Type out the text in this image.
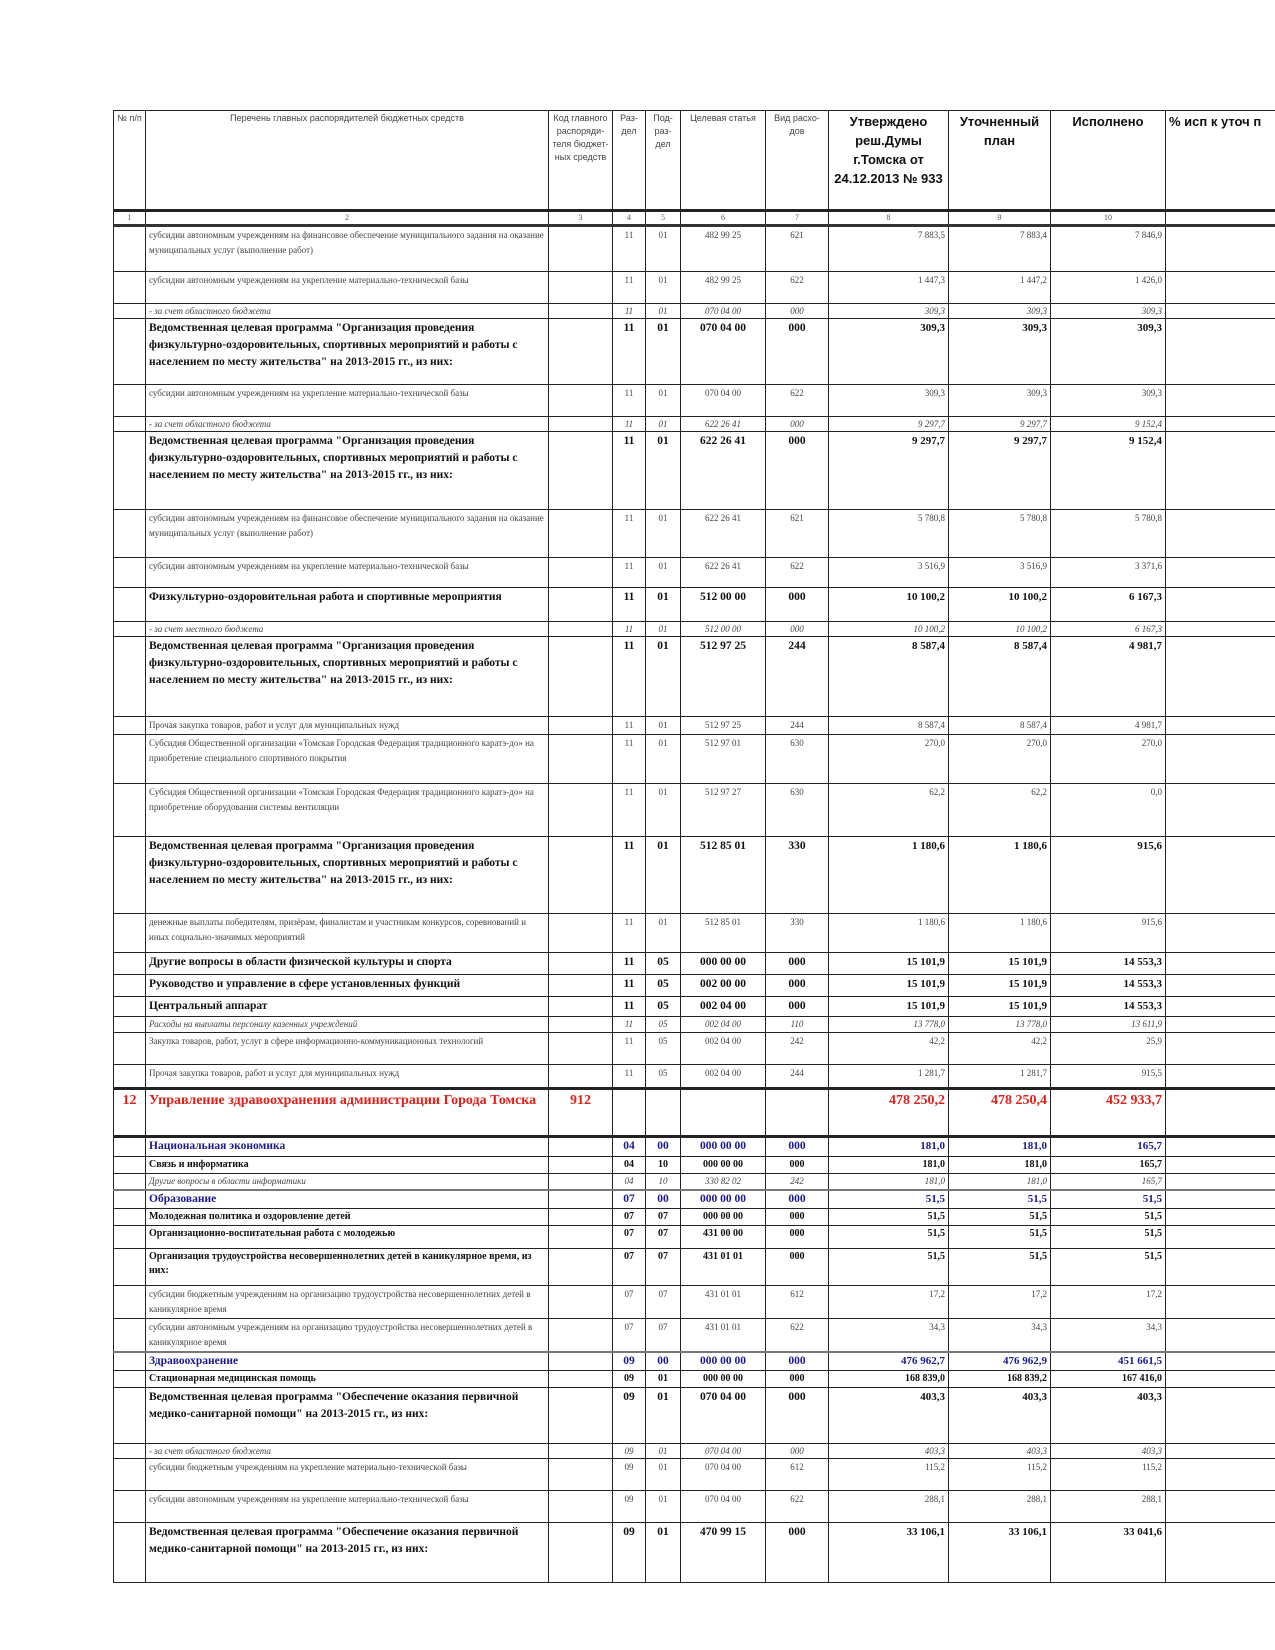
№ п/п	Перечень главных распорядителей бюджетных средств	Код главного распоряди-теля бюджет-ных средств	Раз-дел	Под-раз-дел	Целевая статья	Вид расхо-дов	Утверждено реш.Думы г.Томска от 24.12.2013 № 933	Уточненный план	Исполнено	% исп к уточ п
1	2	3	4	5	6	7	8	9	10	
	субсидии автономным учреждениям на финансовое обеспечение муниципального задания на оказание муниципальных услуг (выполнение работ)		11	01	482 99 25	621	7 883,5	7 883,4	7 846,9	
	субсидии автономным учреждениям на укрепление материально-технической базы		11	01	482 99 25	622	1 447,3	1 447,2	1 426,0	
	- за счет областного бюджета		11	01	070 04 00	000	309,3	309,3	309,3	
	Ведомственная целевая программа "Организация проведения физкультурно-оздоровительных, спортивных мероприятий и работы с населением по месту жительства" на 2013-2015 гг., из них:		11	01	070 04 00	000	309,3	309,3	309,3	
	субсидии автономным учреждениям на укрепление материально-технической базы		11	01	070 04 00	622	309,3	309,3	309,3	
	- за счет областного бюджета		11	01	622 26 41	000	9 297,7	9 297,7	9 152,4	
	Ведомственная целевая программа "Организация проведения физкультурно-оздоровительных, спортивных мероприятий и работы с населением по месту жительства" на 2013-2015 гг., из них:		11	01	622 26 41	000	9 297,7	9 297,7	9 152,4	
	субсидии автономным учреждениям на финансовое обеспечение муниципального задания на оказание муниципальных услуг (выполнение работ)		11	01	622 26 41	621	5 780,8	5 780,8	5 780,8	
	субсидии автономным учреждениям на укрепление материально-технической базы		11	01	622 26 41	622	3 516,9	3 516,9	3 371,6	
	Физкультурно-оздоровительная работа и спортивные мероприятия		11	01	512 00 00	000	10 100,2	10 100,2	6 167,3	
	- за счет местного бюджета		11	01	512 00 00	000	10 100,2	10 100,2	6 167,3	
	Ведомственная целевая программа "Организация проведения физкультурно-оздоровительных, спортивных мероприятий и работы с населением по месту жительства" на 2013-2015 гг., из них:		11	01	512 97 25	244	8 587,4	8 587,4	4 981,7	
	Прочая закупка товаров, работ и услуг для муниципальных нужд		11	01	512 97 25	244	8 587,4	8 587,4	4 981,7	
	Субсидия Общественной организации «Томская Городская Федерация традиционного каратэ-до» на приобретение специального спортивного покрытия		11	01	512 97 01	630	270,0	270,0	270,0	
	Субсидия Общественной организации «Томская Городская Федерация традиционного каратэ-до» на приобретение оборудования системы вентиляции		11	01	512 97 27	630	62,2	62,2	0,0	
	Ведомственная целевая программа "Организация проведения физкультурно-оздоровительных, спортивных мероприятий и работы с населением по месту жительства" на 2013-2015 гг., из них:		11	01	512 85 01	330	1 180,6	1 180,6	915,6	
	денежные выплаты победителям, призёрам, финалистам и участникам конкурсов, соревнований и иных социально-значимых мероприятий		11	01	512 85 01	330	1 180,6	1 180,6	915,6	
	Другие вопросы в области физической культуры и спорта		11	05	000 00 00	000	15 101,9	15 101,9	14 553,3	
	Руководство и управление в сфере установленных функций		11	05	002 00 00	000	15 101,9	15 101,9	14 553,3	
	Центральный аппарат		11	05	002 04 00	000	15 101,9	15 101,9	14 553,3	
	Расходы на выплаты персоналу казенных учреждений		11	05	002 04 00	110	13 778,0	13 778,0	13 611,9	
	Закупка товаров, работ, услуг в сфере информационно-коммуникационных технологий		11	05	002 04 00	242	42,2	42,2	25,9	
	Прочая закупка товаров, работ и услуг для муниципальных нужд		11	05	002 04 00	244	1 281,7	1 281,7	915,5	
12	Управление здравоохранения администрации Города Томска	912					478 250,2	478 250,4	452 933,7	
	Национальная экономика		04	00	000 00 00	000	181,0	181,0	165,7	
	Связь и информатика		04	10	000 00 00	000	181,0	181,0	165,7	
	Другие вопросы в области информатики		04	10	330 82 02	242	181,0	181,0	165,7	
	Образование		07	00	000 00 00	000	51,5	51,5	51,5	
	Молодежная политика и оздоровление детей		07	07	000 00 00	000	51,5	51,5	51,5	
	Организационно-воспитательная работа с молодежью		07	07	431 00 00	000	51,5	51,5	51,5	
	Организация трудоустройства несовершеннолетних детей в каникулярное время, из них:		07	07	431 01 01	000	51,5	51,5	51,5	
	субсидии бюджетным учреждениям на организацию трудоустройства несовершеннолетних детей в каникулярное время		07	07	431 01 01	612	17,2	17,2	17,2	
	субсидии автономным учреждениям на организацию трудоустройства несовершеннолетних детей в каникулярное время		07	07	431 01 01	622	34,3	34,3	34,3	
	Здравоохранение		09	00	000 00 00	000	476 962,7	476 962,9	451 661,5	
	Стационарная медицинская помощь		09	01	000 00 00	000	168 839,0	168 839,2	167 416,0	
	Ведомственная целевая программа "Обеспечение оказания первичной медико-санитарной помощи" на 2013-2015 гг., из них:		09	01	070 04 00	000	403,3	403,3	403,3	
	- за счет областного бюджета		09	01	070 04 00	000	403,3	403,3	403,3	
	субсидии бюджетным учреждениям на укрепление материально-технической базы		09	01	070 04 00	612	115,2	115,2	115,2	
	субсидии автономным учреждениям на укрепление материально-технической базы		09	01	070 04 00	622	288,1	288,1	288,1	
	Ведомственная целевая программа "Обеспечение оказания первичной медико-санитарной помощи" на 2013-2015 гг., из них:		09	01	470 99 15	000	33 106,1	33 106,1	33 041,6	
